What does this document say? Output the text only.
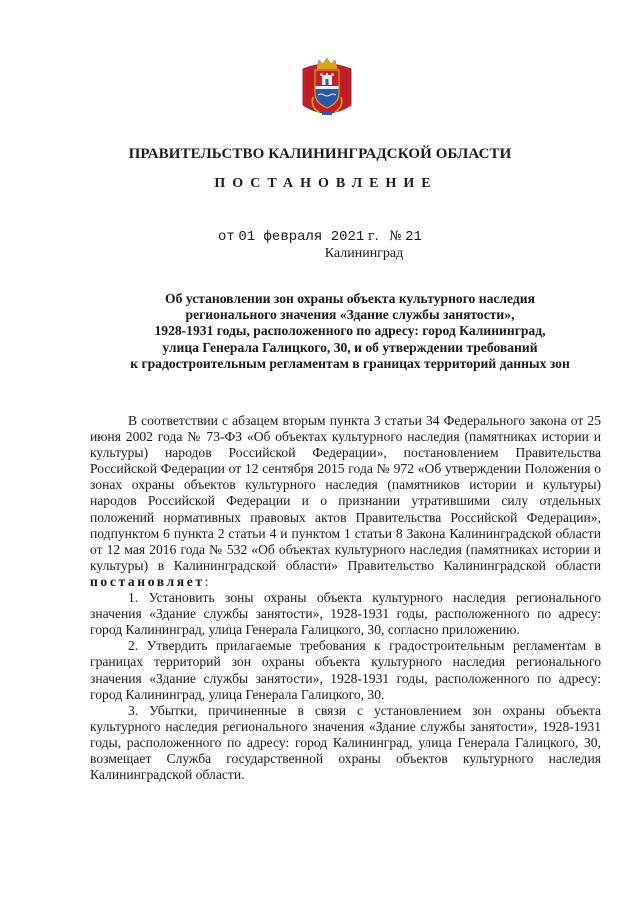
ПРАВИТЕЛЬСТВО КАЛИНИНГРАДСКОЙ ОБЛАСТИ
ПОСТАНОВЛЕНИЕ
от 01 февраля 2021 г. № 21
Калининград
Об установлении зон охраны объекта культурного наследия
регионального значения «Здание службы занятости»,
1928-1931 годы, расположенного по адресу: город Калининград,
улица Генерала Галицкого, 30, и об утверждении требований
к градостроительным регламентам в границах территорий данных зон

В соответствии с абзацем вторым пункта 3 статьи 34 Федерального закона от 25 июня 2002 года № 73-ФЗ «Об объектах культурного наследия (памятниках истории и культуры) народов Российской Федерации», постановлением Правительства Российской Федерации от 12 сентября 2015 года № 972 «Об утверждении Положения о зонах охраны объектов культурного наследия (памятников истории и культуры) народов Российской Федерации и о признании утратившими силу отдельных положений нормативных правовых актов Правительства Российской Федерации», подпунктом 6 пункта 2 статьи 4 и пунктом 1 статьи 8 Закона Калининградской области от 12 мая 2016 года № 532 «Об объектах культурного наследия (памятниках истории и культуры) в Калининградской области» Правительство Калининградской области постановляет:

1. Установить зоны охраны объекта культурного наследия регионального значения «Здание службы занятости», 1928-1931 годы, расположенного по адресу: город Калининград, улица Генерала Галицкого, 30, согласно приложению.

2. Утвердить прилагаемые требования к градостроительным регламентам в границах территорий зон охраны объекта культурного наследия регионального значения «Здание службы занятости», 1928-1931 годы, расположенного по адресу: город Калининград, улица Генерала Галицкого, 30.

3. Убытки, причиненные в связи с установлением зон охраны объекта культурного наследия регионального значения «Здание службы занятости», 1928-1931 годы, расположенного по адресу: город Калининград, улица Генерала Галицкого, 30, возмещает Служба государственной охраны объектов культурного наследия Калининградской области.
